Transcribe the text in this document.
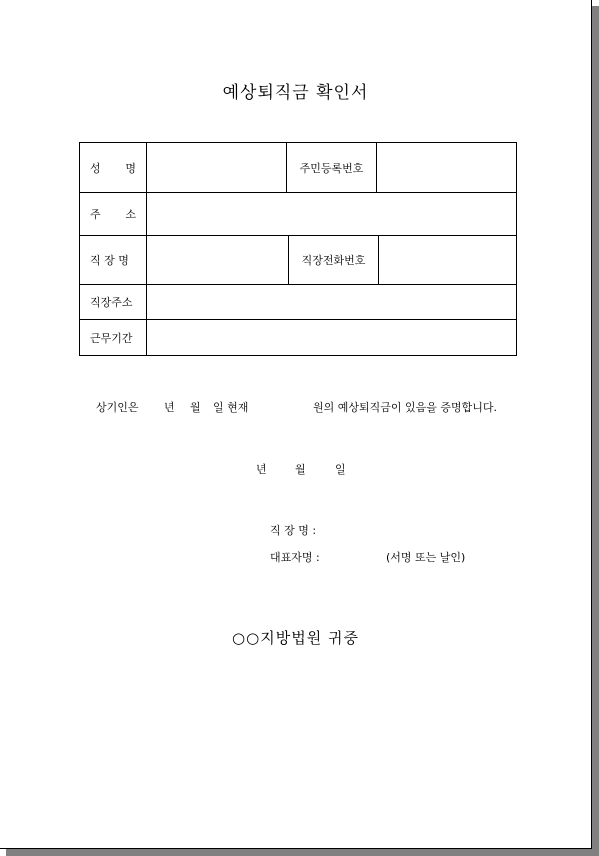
예상퇴직금 확인서
성 명	주민등록번호
주 소
직 장 명	직장전화번호
직장주소
근무기간
상기인은 년 월 일 현재	원의 예상퇴직금이 있음을 증명합니다.
년	월	일
직 장 명 :
대표자명 :	(서명 또는 날인)
○○지방법원 귀중
